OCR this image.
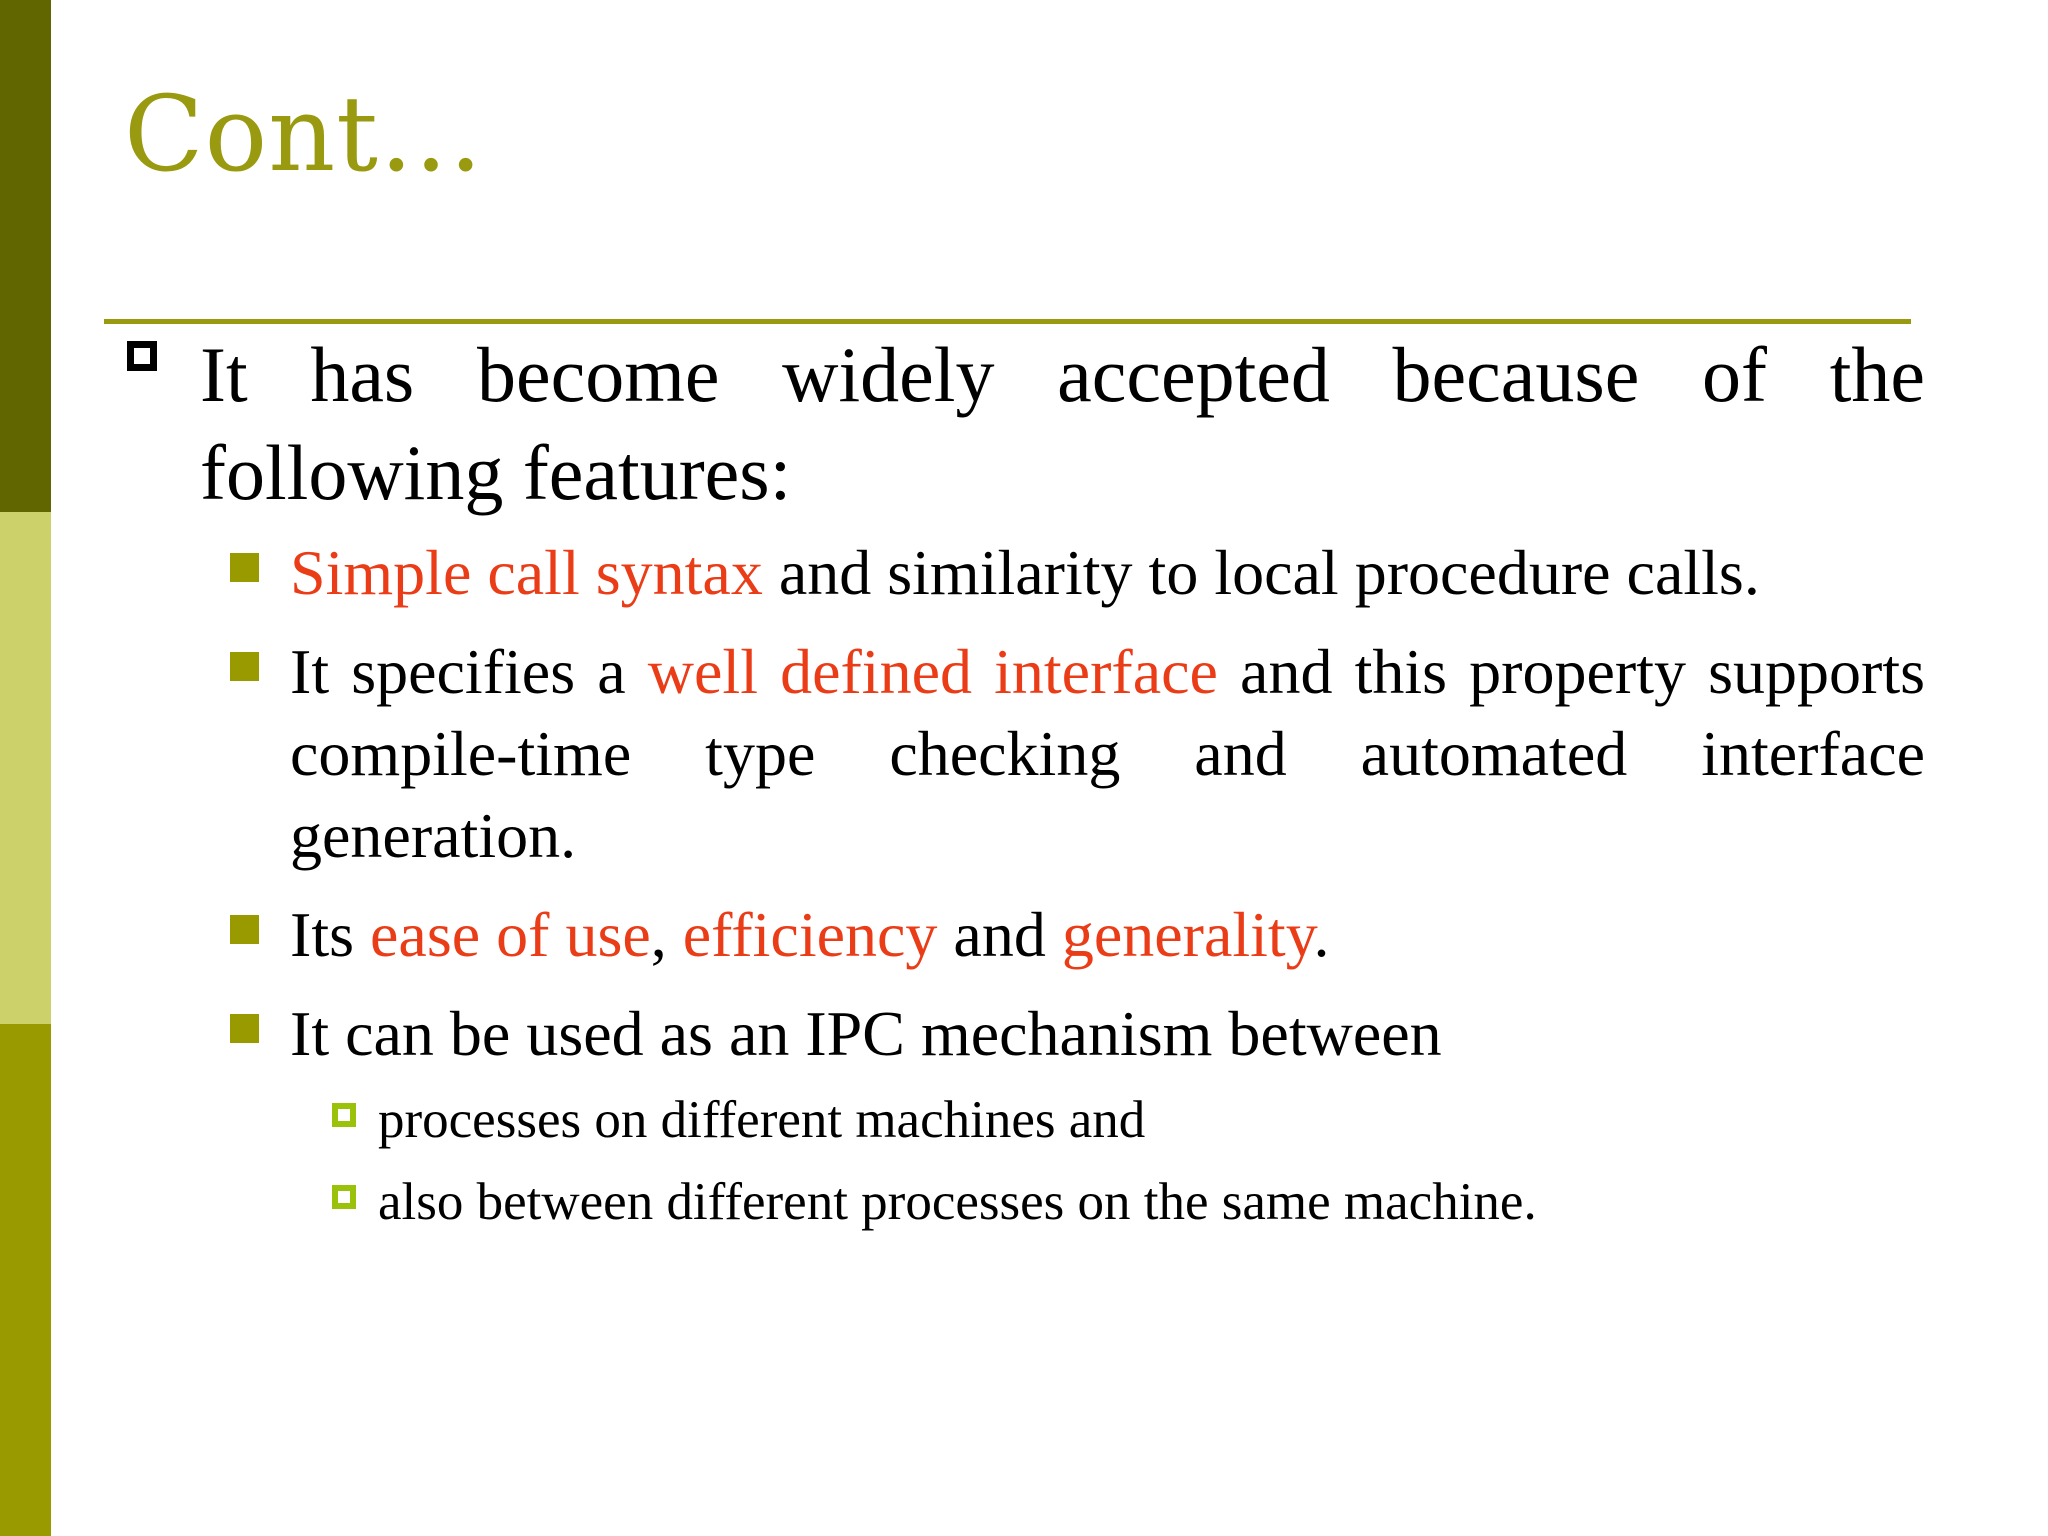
Cont…
It has become widely accepted because of the following features:
Simple call syntax and similarity to local procedure calls.
It specifies a well defined interface and this property supports compile-time type checking and automated interface generation.
Its ease of use, efficiency and generality.
It can be used as an IPC mechanism between
processes on different machines and
also between different processes on the same machine.
